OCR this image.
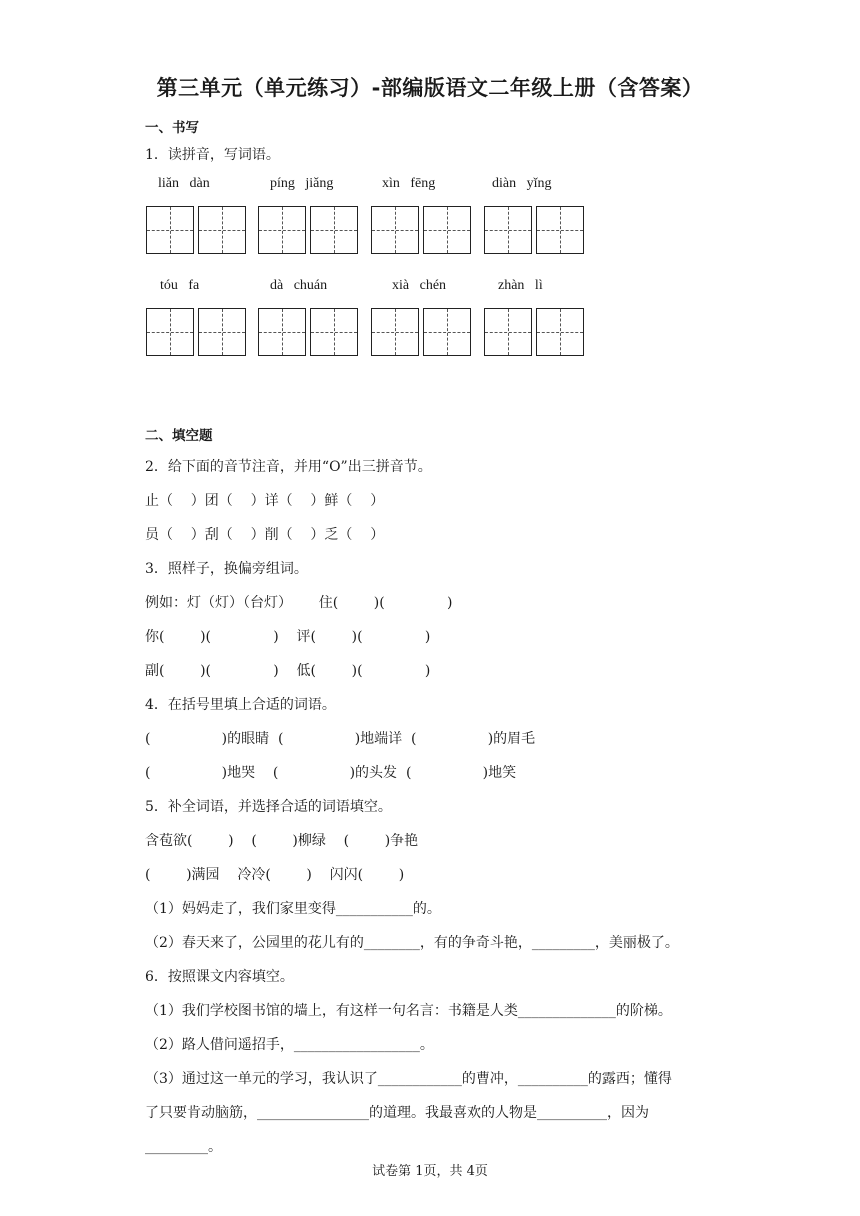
第三单元（单元练习）-部编版语文二年级上册（含答案）
一、书写
1．读拼音，写词语。
liǎn   dàn	píng   jiǎng	xìn   fēng	diàn   yǐng
tóu   fa	dà   chuán	xià   chén	zhàn   lì
二、填空题
2．给下面的音节注音，并用“O”出三拼音节。
止（    ）团（    ）详（    ）鲜（    ）
员（    ）刮（    ）削（    ）乏（    ）
3．照样子，换偏旁组词。
例如：灯（灯）（台灯）      住(        )(              )
你(        )(              )    评(        )(              )
副(        )(              )    低(        )(              )
4．在括号里填上合适的词语。
(                )的眼睛  (                )地端详  (                )的眉毛
(                )地哭    (                )的头发  (                )地笑
5．补全词语，并选择合适的词语填空。
含苞欲(        )    (        )柳绿    (        )争艳
(        )满园    冷冷(        )    闪闪(        )
（1）妈妈走了，我们家里变得___________的。
（2）春天来了，公园里的花儿有的________，有的争奇斗艳，_________，美丽极了。
6．按照课文内容填空。
（1）我们学校图书馆的墙上，有这样一句名言：书籍是人类______________的阶梯。
（2）路人借问遥招手，__________________。
（3）通过这一单元的学习，我认识了____________的曹冲，__________的露西；懂得
了只要肯动脑筋，________________的道理。我最喜欢的人物是__________，因为
_________。
试卷第 1页，共 4页
